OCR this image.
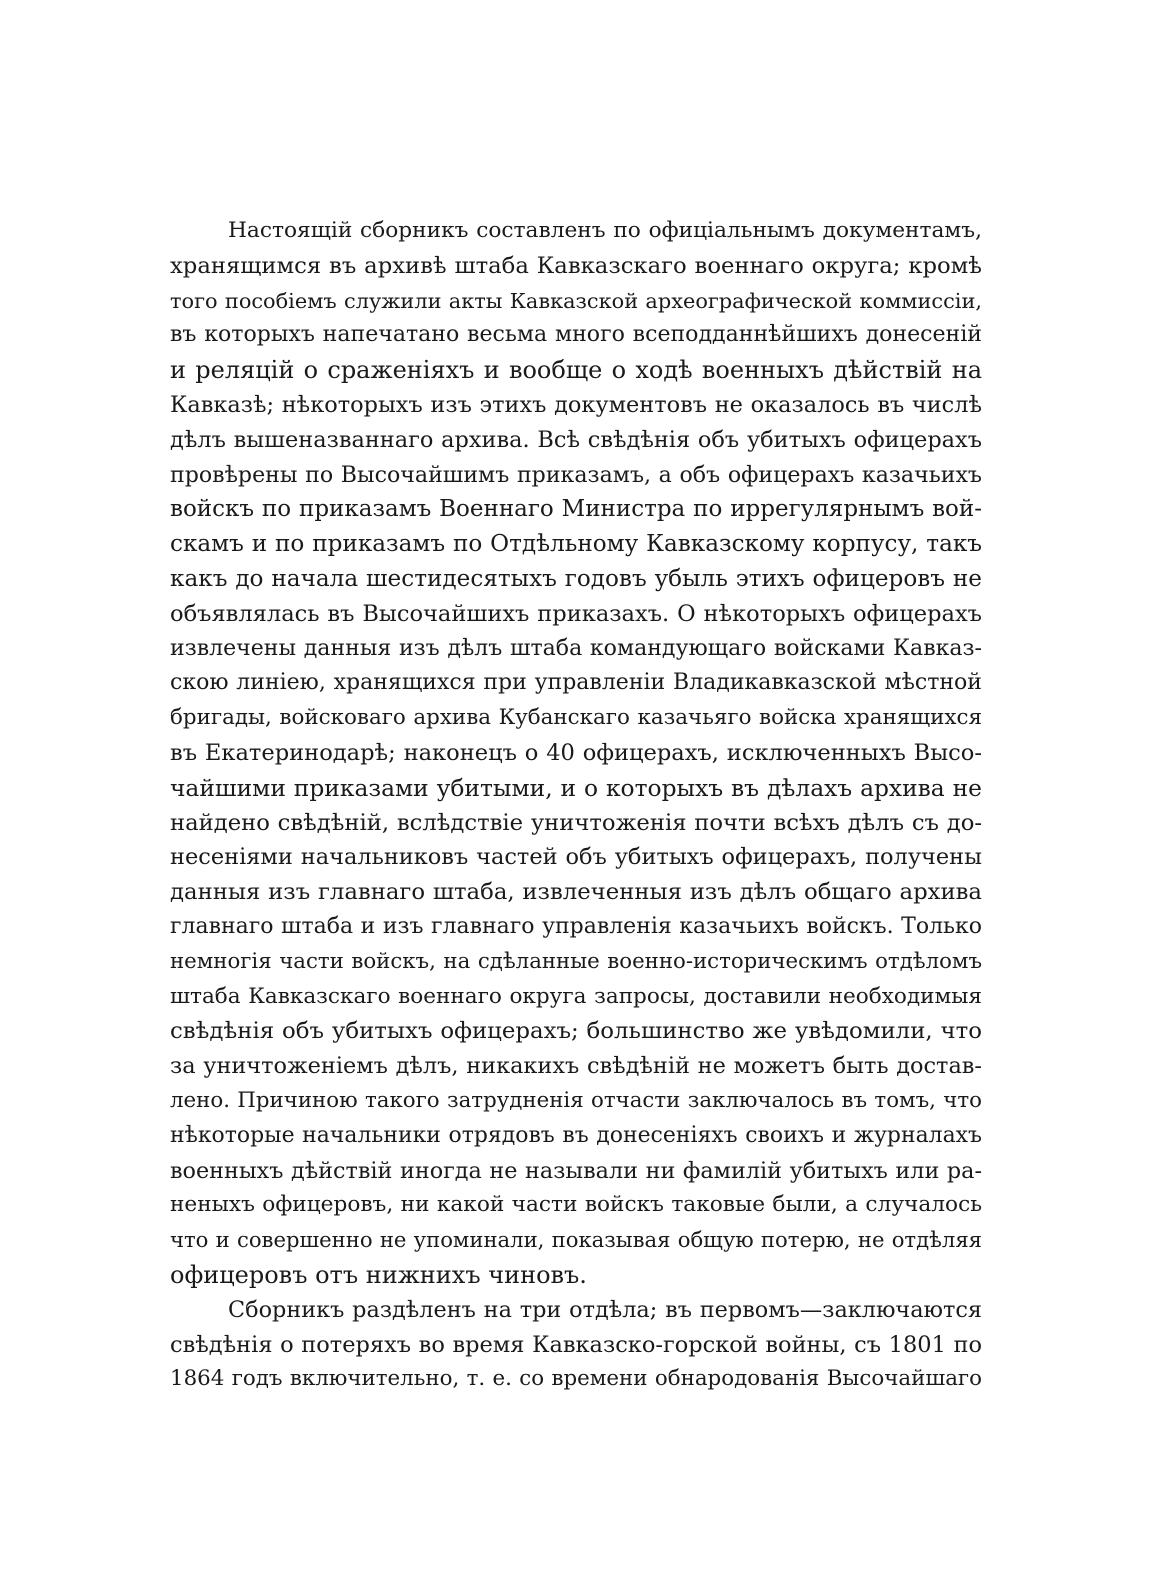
Настоящій сборникъ составленъ по офиціальнымъ документамъ,
хранящимся въ архивѣ штаба Кавказскаго военнаго округа; кромѣ
того пособіемъ служили акты Кавказской археографической коммиссіи,
въ которыхъ напечатано весьма много всеподданнѣйшихъ донесеній
и реляцій о сраженіяхъ и вообще о ходѣ военныхъ дѣйствій на
Кавказѣ; нѣкоторыхъ изъ этихъ документовъ не оказалось въ числѣ
дѣлъ вышеназваннаго архива. Всѣ свѣдѣнія объ убитыхъ офицерахъ
провѣрены по Высочайшимъ приказамъ, а объ офицерахъ казачьихъ
войскъ по приказамъ Военнаго Министра по иррегулярнымъ вой-
скамъ и по приказамъ по Отдѣльному Кавказскому корпусу, такъ
какъ до начала шестидесятыхъ годовъ убыль этихъ офицеровъ не
объявлялась въ Высочайшихъ приказахъ. О нѣкоторыхъ офицерахъ
извлечены данныя изъ дѣлъ штаба командующаго войсками Кавказ-
скою линіею, хранящихся при управленіи Владикавказской мѣстной
бригады, войсковаго архива Кубанскаго казачьяго войска хранящихся
въ Екатеринодарѣ; наконецъ о 40 офицерахъ, исключенныхъ Высо-
чайшими приказами убитыми, и о которыхъ въ дѣлахъ архива не
найдено свѣдѣній, вслѣдствіе уничтоженія почти всѣхъ дѣлъ съ до-
несеніями начальниковъ частей объ убитыхъ офицерахъ, получены
данныя изъ главнаго штаба, извлеченныя изъ дѣлъ общаго архива
главнаго штаба и изъ главнаго управленія казачьихъ войскъ. Только
немногія части войскъ, на сдѣланные военно-историческимъ отдѣломъ
штаба Кавказскаго военнаго округа запросы, доставили необходимыя
свѣдѣнія объ убитыхъ офицерахъ; большинство же увѣдомили, что
за уничтоженіемъ дѣлъ, никакихъ свѣдѣній не можетъ быть достав-
лено. Причиною такого затрудненія отчасти заключалось въ томъ, что
нѣкоторые начальники отрядовъ въ донесеніяхъ своихъ и журналахъ
военныхъ дѣйствій иногда не называли ни фамилій убитыхъ или ра-
неныхъ офицеровъ, ни какой части войскъ таковые были, а случалось
что и совершенно не упоминали, показывая общую потерю, не отдѣляя
офицеровъ отъ нижнихъ чиновъ.
Сборникъ раздѣленъ на три отдѣла; въ первомъ—заключаются
свѣдѣнія о потеряхъ во время Кавказско-горской войны, съ 1801 по
1864 годъ включительно, т. е. со времени обнародованія Высочайшаго
